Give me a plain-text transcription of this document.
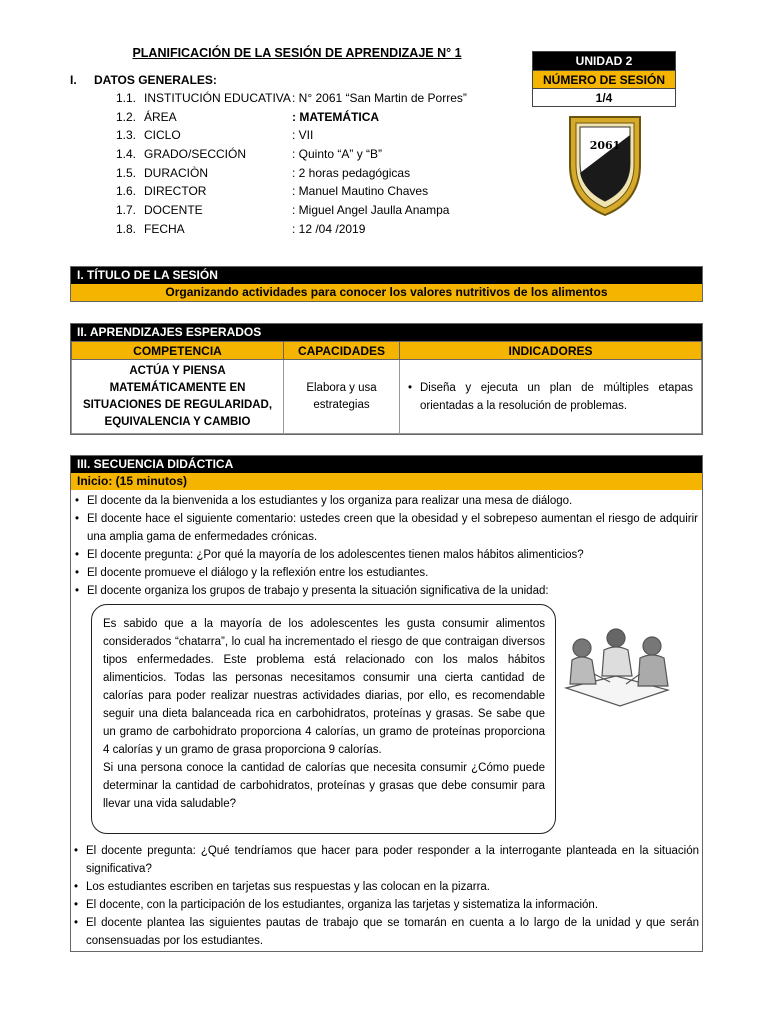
PLANIFICACIÓN DE LA SESIÓN DE APRENDIZAJE N° 1
UNIDAD 2
NÚMERO DE SESIÓN
1/4
2061
I. DATOS GENERALES:
1.1. INSTITUCIÓN EDUCATIVA: N° 2061 “San Martin de Porres”
1.2. ÁREA	: MATEMÁTICA
1.3. CICLO	: VII
1.4. GRADO/SECCIÓN	: Quinto “A” y “B”
1.5. DURACIÒN	: 2 horas pedagógicas
1.6. DIRECTOR	: Manuel Mautino Chaves
1.7. DOCENTE	: Miguel Angel Jaulla Anampa
1.8. FECHA	: 12 /04 /2019
I. TÍTULO DE LA SESIÓN
Organizando actividades para conocer los valores nutritivos de los alimentos
II. APRENDIZAJES ESPERADOS
COMPETENCIA	CAPACIDADES	INDICADORES
ACTÚA Y PIENSA MATEMÁTICAMENTE EN SITUACIONES DE REGULARIDAD, EQUIVALENCIA Y CAMBIO	Elabora y usa estrategias	• Diseña y ejecuta un plan de múltiples etapas orientadas a la resolución de problemas.
III. SECUENCIA DIDÁCTICA
Inicio: (15 minutos)
• El docente da la bienvenida a los estudiantes y los organiza para realizar una mesa de diálogo.
• El docente hace el siguiente comentario: ustedes creen que la obesidad y el sobrepeso aumentan el riesgo de adquirir una amplia gama de enfermedades crónicas.
• El docente pregunta: ¿Por qué la mayoría de los adolescentes tienen malos hábitos alimenticios?
• El docente promueve el diálogo y la reflexión entre los estudiantes.
• El docente organiza los grupos de trabajo y presenta la situación significativa de la unidad:

Es sabido que a la mayoría de los adolescentes les gusta consumir alimentos considerados “chatarra”, lo cual ha incrementado el riesgo de que contraigan diversos tipos enfermedades. Este problema está relacionado con los malos hábitos alimenticios. Todas las personas necesitamos consumir una cierta cantidad de calorías para poder realizar nuestras actividades diarias, por ello, es recomendable seguir una dieta balanceada rica en carbohidratos, proteínas y grasas. Se sabe que un gramo de carbohidrato proporciona 4 calorías, un gramo de proteínas proporciona 4 calorías y un gramo de grasa proporciona 9 calorías.

Si una persona conoce la cantidad de calorías que necesita consumir ¿Cómo puede determinar la cantidad de carbohidratos, proteínas y grasas que debe consumir para llevar una vida saludable?

• El docente pregunta: ¿Qué tendríamos que hacer para poder responder a la interrogante planteada en la situación significativa?
• Los estudiantes escriben en tarjetas sus respuestas y las colocan en la pizarra.
• El docente, con la participación de los estudiantes, organiza las tarjetas y sistematiza la información.
• El docente plantea las siguientes pautas de trabajo que se tomarán en cuenta a lo largo de la unidad y que serán consensuadas por los estudiantes.
